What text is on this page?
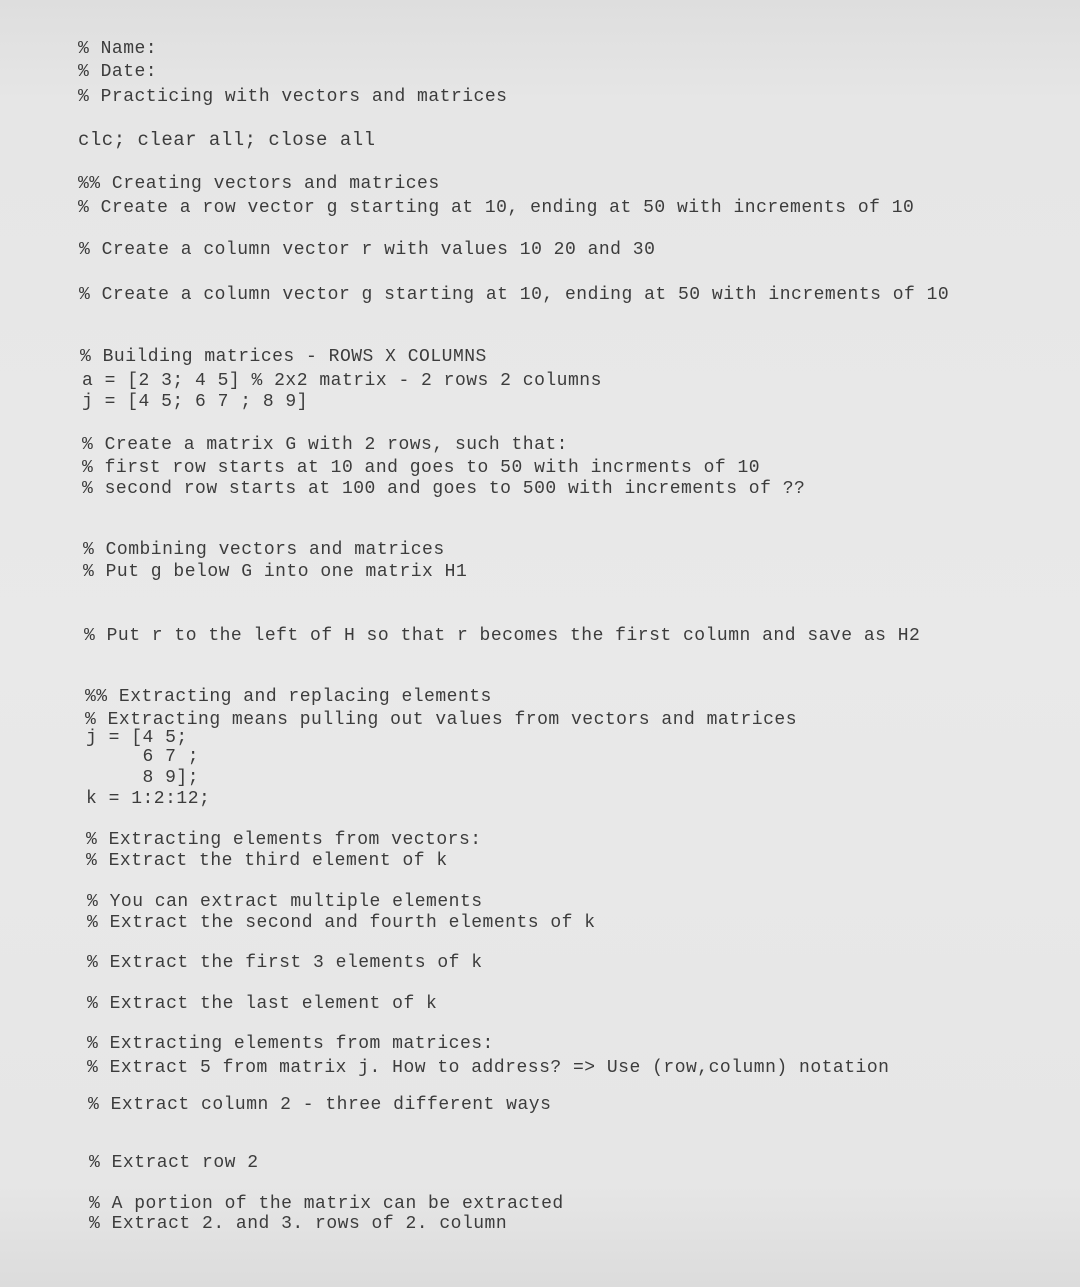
% Name:
% Date:
% Practicing with vectors and matrices
clc; clear all; close all
%% Creating vectors and matrices
% Create a row vector g starting at 10, ending at 50 with increments of 10
% Create a column vector r with values 10 20 and 30
% Create a column vector g starting at 10, ending at 50 with increments of 10
% Building matrices - ROWS X COLUMNS
a = [2 3; 4 5] % 2x2 matrix - 2 rows 2 columns
j = [4 5; 6 7 ; 8 9]
% Create a matrix G with 2 rows, such that:
% first row starts at 10 and goes to 50 with incrments of 10
% second row starts at 100 and goes to 500 with increments of ??
% Combining vectors and matrices
% Put g below G into one matrix H1
% Put r to the left of H so that r becomes the first column and save as H2
%% Extracting and replacing elements
% Extracting means pulling out values from vectors and matrices
j = [4 5;
6 7 ;
8 9];
k = 1:2:12;
% Extracting elements from vectors:
% Extract the third element of k
% You can extract multiple elements
% Extract the second and fourth elements of k
% Extract the first 3 elements of k
% Extract the last element of k
% Extracting elements from matrices:
% Extract 5 from matrix j. How to address? => Use (row,column) notation
% Extract column 2 - three different ways
% Extract row 2
% A portion of the matrix can be extracted
% Extract 2. and 3. rows of 2. column
